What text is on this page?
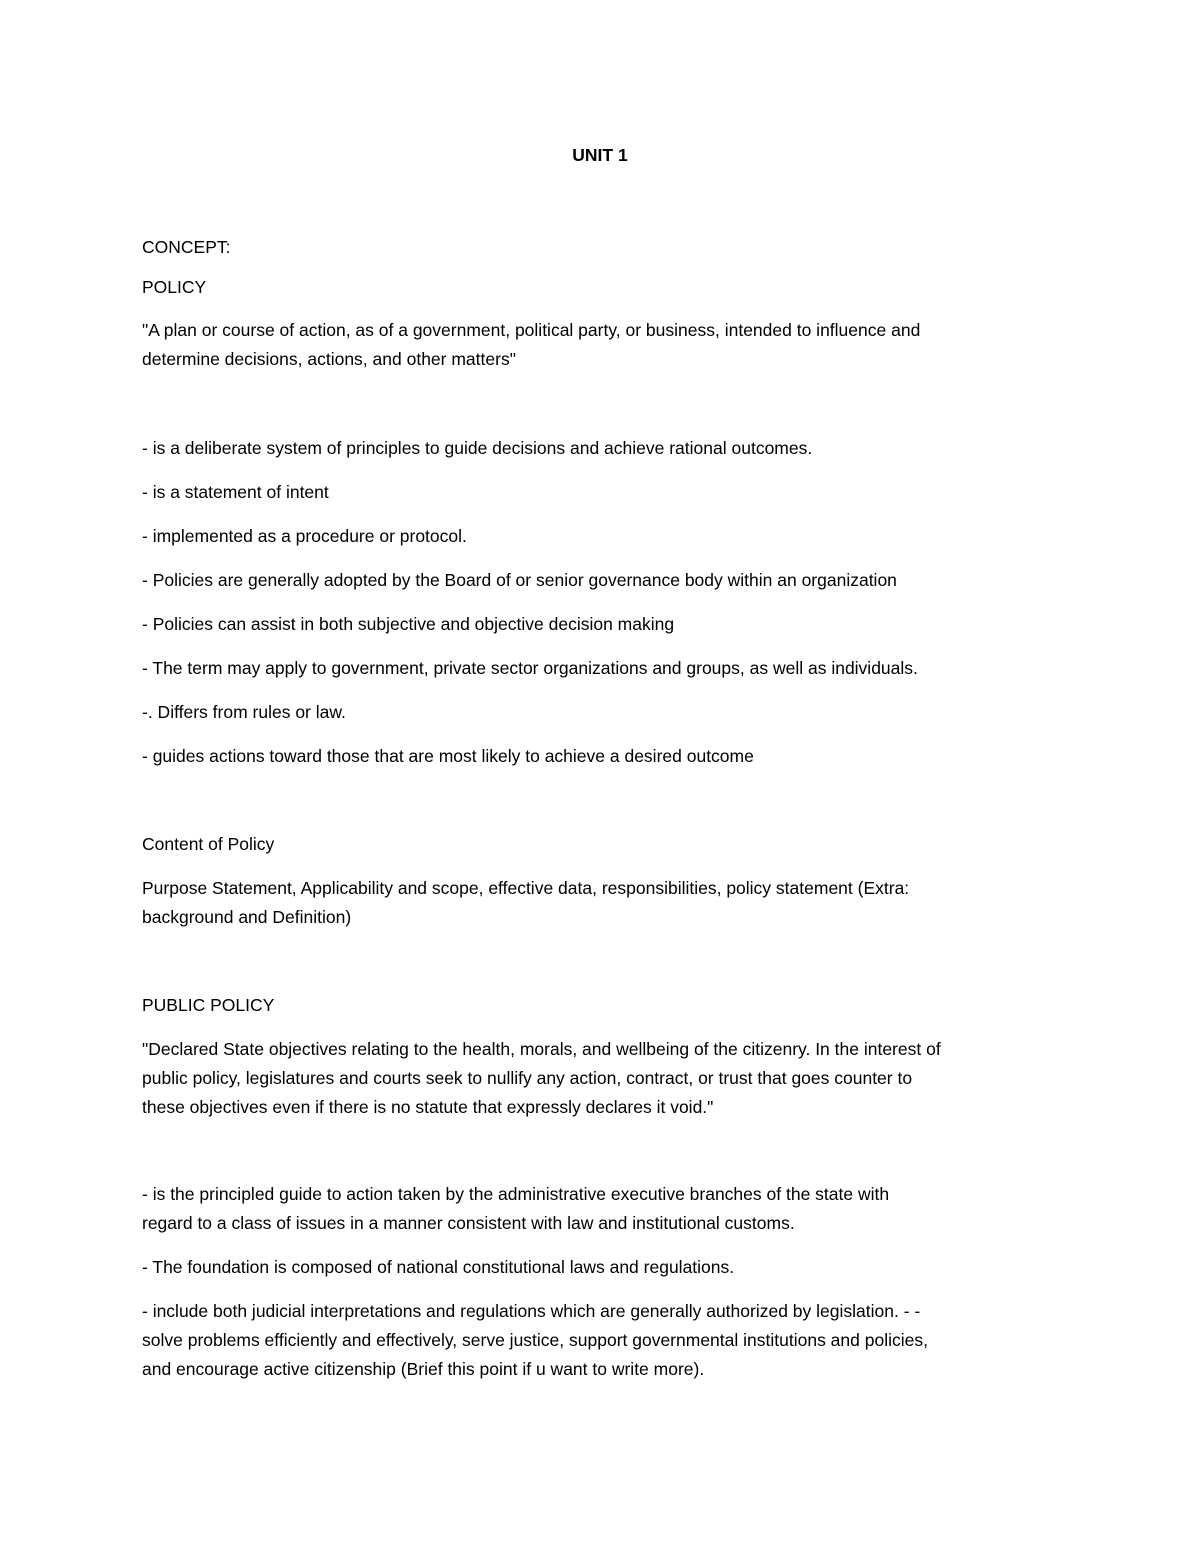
UNIT 1
CONCEPT:
POLICY
"A plan or course of action, as of a government, political party, or business, intended to influence and
determine decisions, actions, and other matters"
- is a deliberate system of principles to guide decisions and achieve rational outcomes.
- is a statement of intent
- implemented as a procedure or protocol.
- Policies are generally adopted by the Board of or senior governance body within an organization
- Policies can assist in both subjective and objective decision making
- The term may apply to government, private sector organizations and groups, as well as individuals.
-. Differs from rules or law.
- guides actions toward those that are most likely to achieve a desired outcome
Content of Policy
Purpose Statement, Applicability and scope, effective data, responsibilities, policy statement (Extra:
background and Definition)
PUBLIC POLICY
"Declared State objectives relating to the health, morals, and wellbeing of the citizenry. In the interest of
public policy, legislatures and courts seek to nullify any action, contract, or trust that goes counter to
these objectives even if there is no statute that expressly declares it void."
- is the principled guide to action taken by the administrative executive branches of the state with
regard to a class of issues in a manner consistent with law and institutional customs.
- The foundation is composed of national constitutional laws and regulations.
- include both judicial interpretations and regulations which are generally authorized by legislation. - -
solve problems efficiently and effectively, serve justice, support governmental institutions and policies,
and encourage active citizenship (Brief this point if u want to write more).
